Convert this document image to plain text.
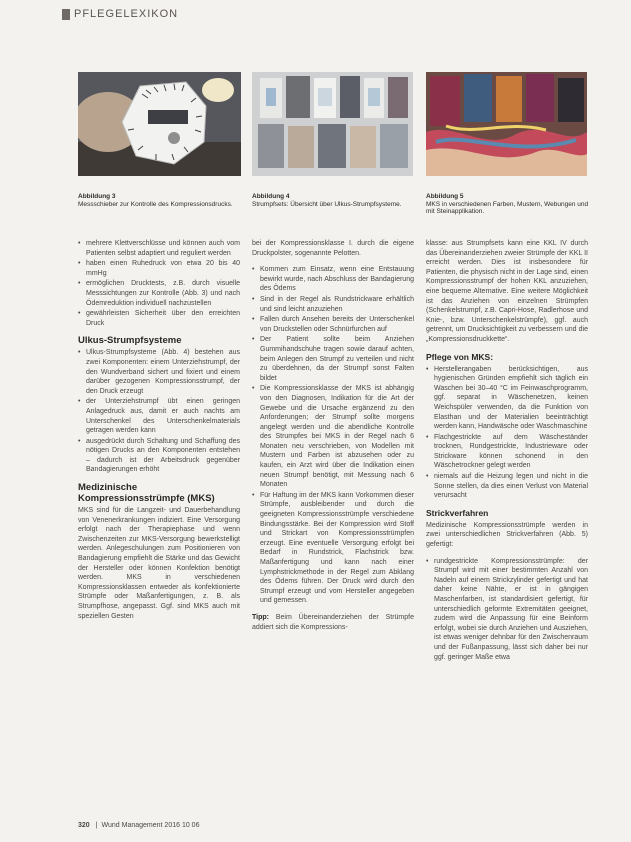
PFLEGELEXIKON
Abbildung 3
Messschieber zur Kontrolle des Kompressionsdrucks.
Abbildung 4
Strumpfsets: Übersicht über Ulkus-Strumpfsysteme.
Abbildung 5
MKS in verschiedenen Farben, Mustern, Webungen und mit Steinapplikation.
• mehrere Klettverschlüsse und können auch vom Patienten selbst adaptiert und reguliert werden
• haben einen Ruhedruck von etwa 20 bis 40 mmHg
• ermöglichen Drucktests, z.B. durch visuelle Messsichtungen zur Kontrolle (Abb. 3) und nach Ödemreduktion individuell nachzustellen
• gewährleisten Sicherheit über den erreichten Druck
Ulkus-Strumpfsysteme
• Ulkus-Strumpfsysteme (Abb. 4) bestehen aus zwei Komponenten: einem Unterziehstrumpf, der den Wundverband sichert und fixiert und einem darüber gezogenen Kompressionsstrumpf, der den Druck erzeugt
• der Unterziehstrumpf übt einen geringen Anlagedruck aus, damit er auch nachts am Unterschenkel des Unterschenkelmaterials getragen werden kann
• ausgedrückt durch Schaltung und Schaffung des nötigen Drucks an den Komponenten entstehen – dadurch ist der Arbeitsdruck gegenüber Bandagierungen erhöht
Medizinische
Kompressionsstrümpfe (MKS)

MKS sind für die Langzeit- und Dauerbehandlung von Venenerkrankungen indiziert. Eine Versorgung erfolgt nach der Therapiephase und wenn Zwischenzeiten zur MKS-Versorgung bewerkstelligt werden. Anlegeschulungen zum Positionieren von Bandagierung empfiehlt die Stärke und das Gewicht der Hersteller oder können Konfektion benötigt werden. MKS in verschiedenen Kompressionsklassen entweder als konfektionierte Strümpfe oder Maßanfertigungen, z. B. als Strumpfhose, angepasst. Ggf. sind MKS auch mit speziellen Gesten

bei der Kompressionsklasse I. durch die eigene Druckpolster, sogenannte Pelotten.

• Kommen zum Einsatz, wenn eine Entstauung bewirkt wurde, nach Abschluss der Bandagierung des Ödems
• Sind in der Regel als Rundstrickware erhältlich und sind leicht anzuziehen
• Fallen durch Ansehen bereits der Unterschenkel von Druckstellen oder Schnürfurchen auf
• Der Patient sollte beim Anziehen Gummihandschuhe tragen sowie darauf achten, beim Anlegen den Strumpf zu verteilen und nicht zu überdehnen, da der Strumpf sonst Falten bildet
• Die Kompressionsklasse der MKS ist abhängig von den Diagnosen, Indikation für die Art der Gewebe und die Ursache ergänzend zu den Anforderungen; der Strumpf sollte morgens angelegt werden und die abendliche Kontrolle des Strumpfes bei MKS in der Regel nach 6 Monaten neu verschrieben, von Modellen mit Mustern und Farben ist abzusehen oder zu kaufen, ein Arzt wird über die Indikation einen neuen Strumpf benötigt, mit Messung nach 6 Monaten
• Für Haftung im der MKS kann Vorkommen dieser Strümpfe, ausbleibender und durch die geeigneten Kompressionsstrümpfe verschiedene Bindungsstärke. Bei der Kompression wird Stoff und Strickart von Kompressionsstrümpfen erzeugt. Eine eventuelle Versorgung erfolgt bei Bedarf in Rundstrick, Flachstrick bzw. Maßanfertigung und kann nach einer Lymphstrickmethode in der Regel zum Abklang des Ödems führen. Der Druck wird durch den Strumpf erzeugt und vom Hersteller angegeben und gemessen.

Tipp: Beim Übereinanderziehen der Strümpfe addiert sich die Kompressions-

klasse: aus Strumpfsets kann eine KKL IV durch das Übereinanderziehen zweier Strümpfe der KKL II erreicht werden. Dies ist insbesondere für Patienten, die physisch nicht in der Lage sind, einen Kompressionsstrumpf der hohen KKL anzuziehen, eine bequeme Alternative. Eine weitere Möglichkeit ist das Anziehen von einzelnen Strümpfen (Schenkelstrumpf, z.B. Capri-Hose, Radlerhose und Knie-, bzw. Unterschenkelstrümpfe), ggf. auch getrennt, um Drucksichtigkeit zu verbessern und die „Kompressionsdruckkette“.

Pflege von MKS:
• Herstellerangaben berücksichtigen, aus hygienischen Gründen empfiehlt sich täglich ein Waschen bei 30–40 °C im Feinwaschprogramm, ggf. separat in Wäschenetzen, keinen Weichspüler verwenden, da die Funktion von Elasthan und der Materialien beeinträchtigt werden kann, Handwäsche oder Waschmaschine
• Flachgestrickte auf dem Wäscheständer trocknen, Rundgestrickte, Industrieware oder Strickware können schonend in den Wäschetrockner gelegt werden
• niemals auf die Heizung legen und nicht in die Sonne stellen, da dies einen Verlust von Material verursacht
Strickverfahren

Medizinische Kompressionsstrümpfe werden in zwei unterschiedlichen Strickverfahren (Abb. 5) gefertigt:

• rundgestrickte Kompressionsstrümpfe: der Strumpf wird mit einer bestimmten Anzahl von Nadeln auf einem Strickzylinder gefertigt und hat daher keine Nähte, er ist in gängigen Maschenfarben, ist standardisiert gefertigt, für unterschiedlich geformte Extremitäten geeignet, zudem wird die Anpassung für eine Beinform erfolgt, wobei sie durch Anziehen und Ausziehen, ist etwas weniger dehnbar für den Zwischenraum und der Fußanpassung, lässt sich daher bei nur ggf. geringer Maße etwa
320 | Wund Management 2016 10 06
